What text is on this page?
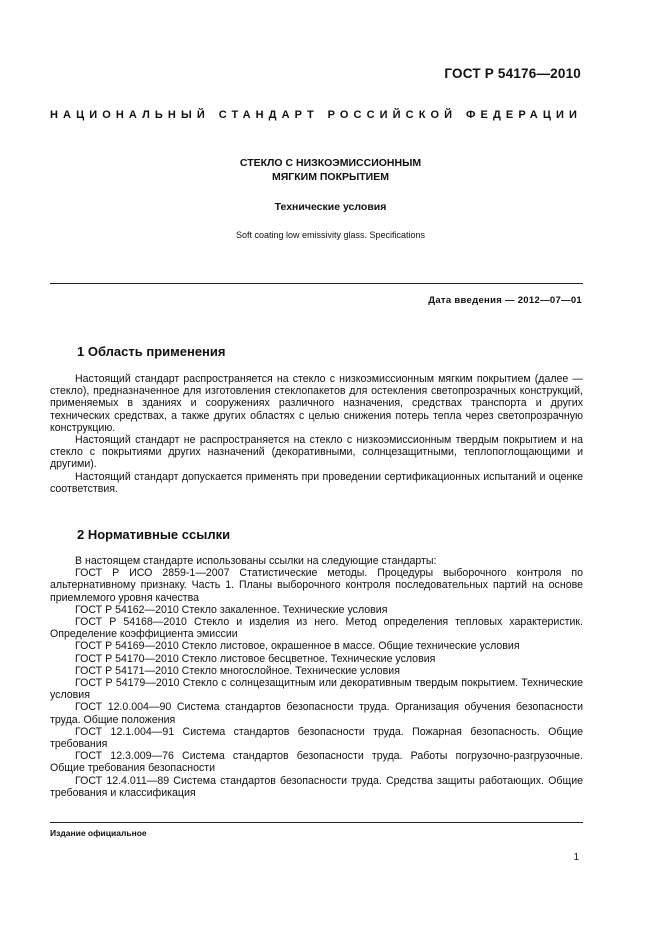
ГОСТ Р 54176—2010
НАЦИОНАЛЬНЫЙ СТАНДАРТ РОССИЙСКОЙ ФЕДЕРАЦИИ
СТЕКЛО С НИЗКОЭМИССИОННЫМ
МЯГКИМ ПОКРЫТИЕМ
Технические условия
Soft coating low emissivity glass. Specifications
Дата введения — 2012—07—01
1 Область применения

Настоящий стандарт распространяется на стекло с низкоэмиссионным мягким покрытием (далее — стекло), предназначенное для изготовления стеклопакетов для остекления светопрозрачных конструкций, применяемых в зданиях и сооружениях различного назначения, средствах транспорта и других технических средствах, а также других областях с целью снижения потерь тепла через светопрозрачную конструкцию.

Настоящий стандарт не распространяется на стекло с низкоэмиссионным твердым покрытием и на стекло с покрытиями других назначений (декоративными, солнцезащитными, теплопоглощающими и другими).

Настоящий стандарт допускается применять при проведении сертификационных испытаний и оценке соответствия.

2 Нормативные ссылки

В настоящем стандарте использованы ссылки на следующие стандарты:

ГОСТ Р ИСО 2859-1—2007 Статистические методы. Процедуры выборочного контроля по альтернативному признаку. Часть 1. Планы выборочного контроля последовательных партий на основе приемлемого уровня качества

ГОСТ Р 54162—2010 Стекло закаленное. Технические условия

ГОСТ Р 54168—2010 Стекло и изделия из него. Метод определения тепловых характеристик. Определение коэффициента эмиссии

ГОСТ Р 54169—2010 Стекло листовое, окрашенное в массе. Общие технические условия

ГОСТ Р 54170—2010 Стекло листовое бесцветное. Технические условия

ГОСТ Р 54171—2010 Стекло многослойное. Технические условия

ГОСТ Р 54179—2010 Стекло с солнцезащитным или декоративным твердым покрытием. Технические условия

ГОСТ 12.0.004—90 Система стандартов безопасности труда. Организация обучения безопасности труда. Общие положения

ГОСТ 12.1.004—91 Система стандартов безопасности труда. Пожарная безопасность. Общие требования

ГОСТ 12.3.009—76 Система стандартов безопасности труда. Работы погрузочно-разгрузочные. Общие требования безопасности

ГОСТ 12.4.011—89 Система стандартов безопасности труда. Средства защиты работающих. Общие требования и классификация

Издание официальное
1
